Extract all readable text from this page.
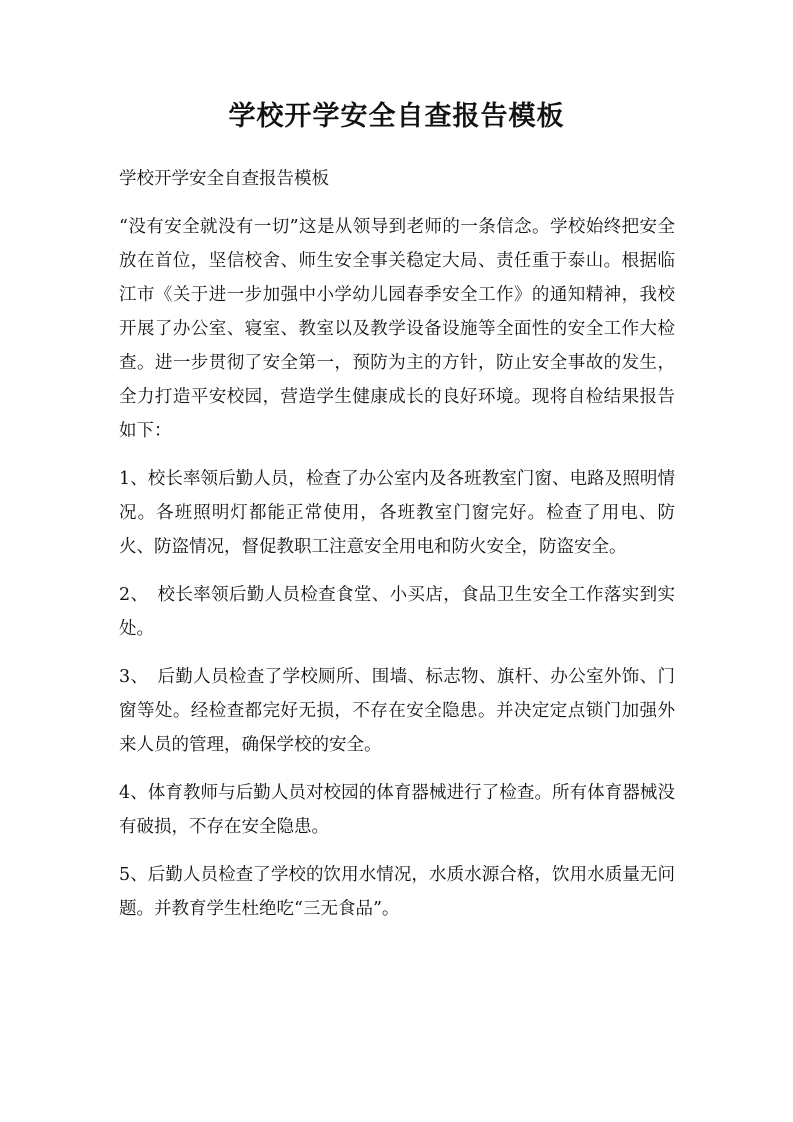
学校开学安全自查报告模板

学校开学安全自查报告模板

“没有安全就没有一切”这是从领导到老师的一条信念。学校始终把安全放在首位，坚信校舍、师生安全事关稳定大局、责任重于泰山。根据临江市《关于进一步加强中小学幼儿园春季安全工作》的通知精神，我校开展了办公室、寝室、教室以及教学设备设施等全面性的安全工作大检查。进一步贯彻了安全第一，预防为主的方针，防止安全事故的发生，全力打造平安校园，营造学生健康成长的良好环境。现将自检结果报告如下：

1、校长率领后勤人员，检查了办公室内及各班教室门窗、电路及照明情况。各班照明灯都能正常使用，各班教室门窗完好。检查了用电、防火、防盗情况，督促教职工注意安全用电和防火安全，防盗安全。

2、　校长率领后勤人员检查食堂、小买店，食品卫生安全工作落实到实处。

3、　后勤人员检查了学校厕所、围墙、标志物、旗杆、办公室外饰、门窗等处。经检查都完好无损，不存在安全隐患。并决定定点锁门加强外来人员的管理，确保学校的安全。

4、体育教师与后勤人员对校园的体育器械进行了检查。所有体育器械没有破损，不存在安全隐患。

5、后勤人员检查了学校的饮用水情况，水质水源合格，饮用水质量无问题。并教育学生杜绝吃“三无食品”。
